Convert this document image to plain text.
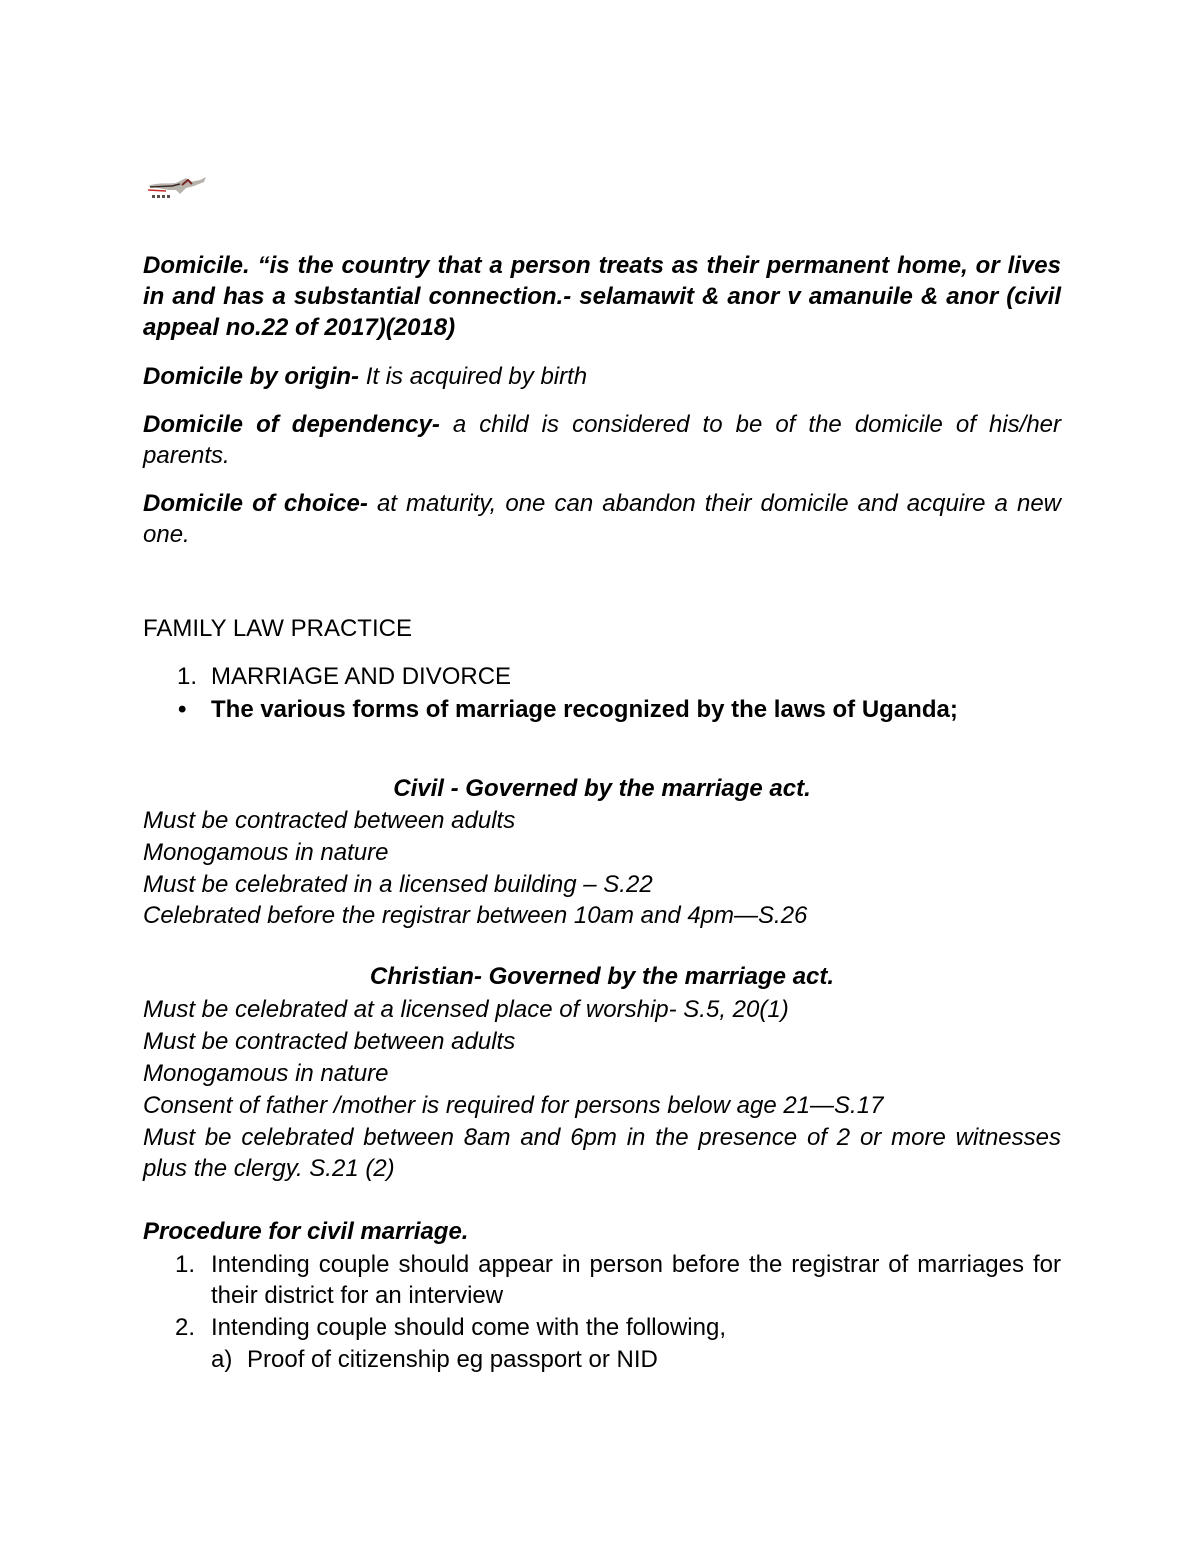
Domicile. “is the country that a person treats as their permanent home, or lives in and has a substantial connection.- selamawit & anor v amanuile & anor (civil appeal no.22 of 2017)(2018)
Domicile by origin- It is acquired by birth
Domicile of dependency- a child is considered to be of the domicile of his/her parents.
Domicile of choice- at maturity, one can abandon their domicile and acquire a new one.
FAMILY LAW PRACTICE
1. MARRIAGE AND DIVORCE
• The various forms of marriage recognized by the laws of Uganda;
Civil - Governed by the marriage act.
Must be contracted between adults
Monogamous in nature
Must be celebrated in a licensed building – S.22
Celebrated before the registrar between 10am and 4pm—S.26
Christian- Governed by the marriage act.
Must be celebrated at a licensed place of worship- S.5, 20(1)
Must be contracted between adults
Monogamous in nature
Consent of father /mother is required for persons below age 21—S.17
Must be celebrated between 8am and 6pm in the presence of 2 or more witnesses plus the clergy. S.21 (2)
Procedure for civil marriage.
1. Intending couple should appear in person before the registrar of marriages for their district for an interview
2. Intending couple should come with the following,
a) Proof of citizenship eg passport or NID
